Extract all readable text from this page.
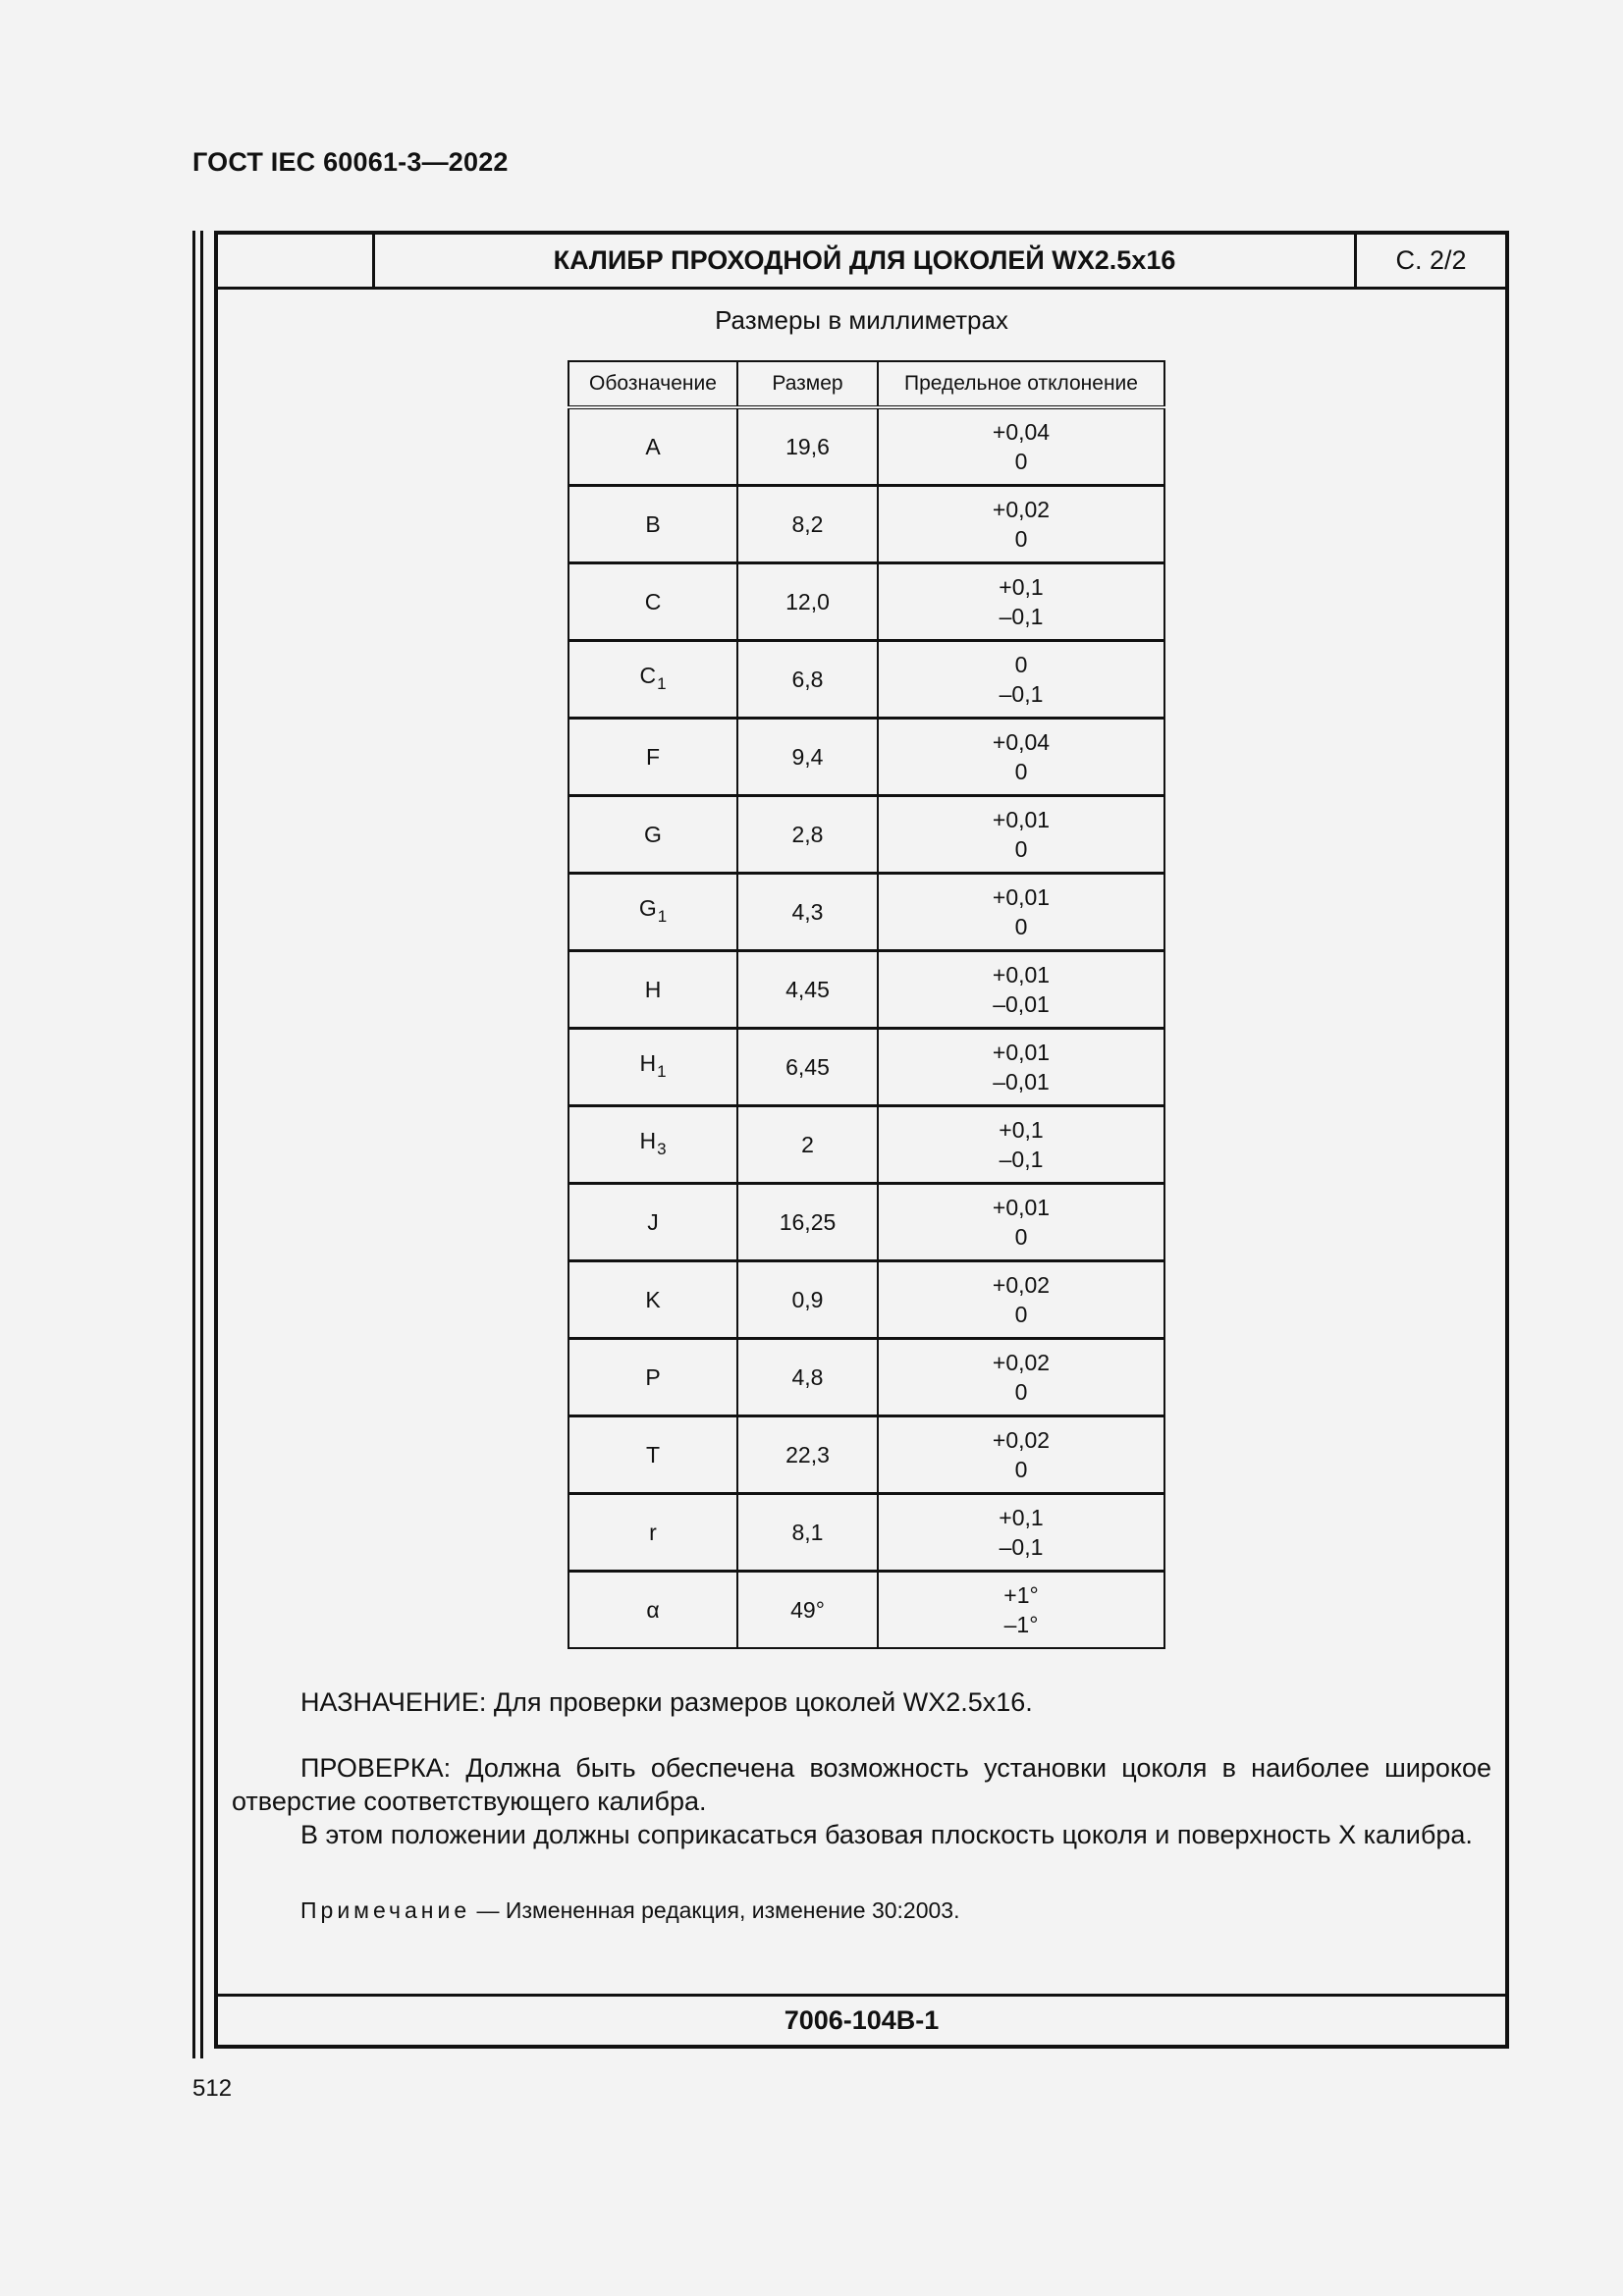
ГОСТ IEC 60061-3—2022
КАЛИБР ПРОХОДНОЙ ДЛЯ ЦОКОЛЕЙ WX2.5x16	С. 2/2
Размеры в миллиметрах
Обозначение	Размер	Предельное отклонение
A	19,6	+0,04
0

B	8,2	+0,02
0

C	12,0	+0,1
–0,1

$C_1$	6,8	0
–0,1

F	9,4	+0,04
0

G	2,8	+0,01
0

$G_1$	4,3	+0,01
0

H	4,45	+0,01
–0,01

$H_1$	6,45	+0,01
–0,01

$H_3$	2	+0,1
–0,1

J	16,25	+0,01
0

K	0,9	+0,02
0

P	4,8	+0,02
0

T	22,3	+0,02
0

r	8,1	+0,1
–0,1

α	49°	+1°
–1°
НАЗНАЧЕНИЕ: Для проверки размеров цоколей WX2.5x16.
ПРОВЕРКА: Должна быть обеспечена возможность установки цоколя в наиболее широкое отверстие соответствующего калибра.
В этом положении должны соприкасаться базовая плоскость цоколя и поверхность X калибра.
Примечание — Измененная редакция, изменение 30:2003.
7006-104B-1
512
